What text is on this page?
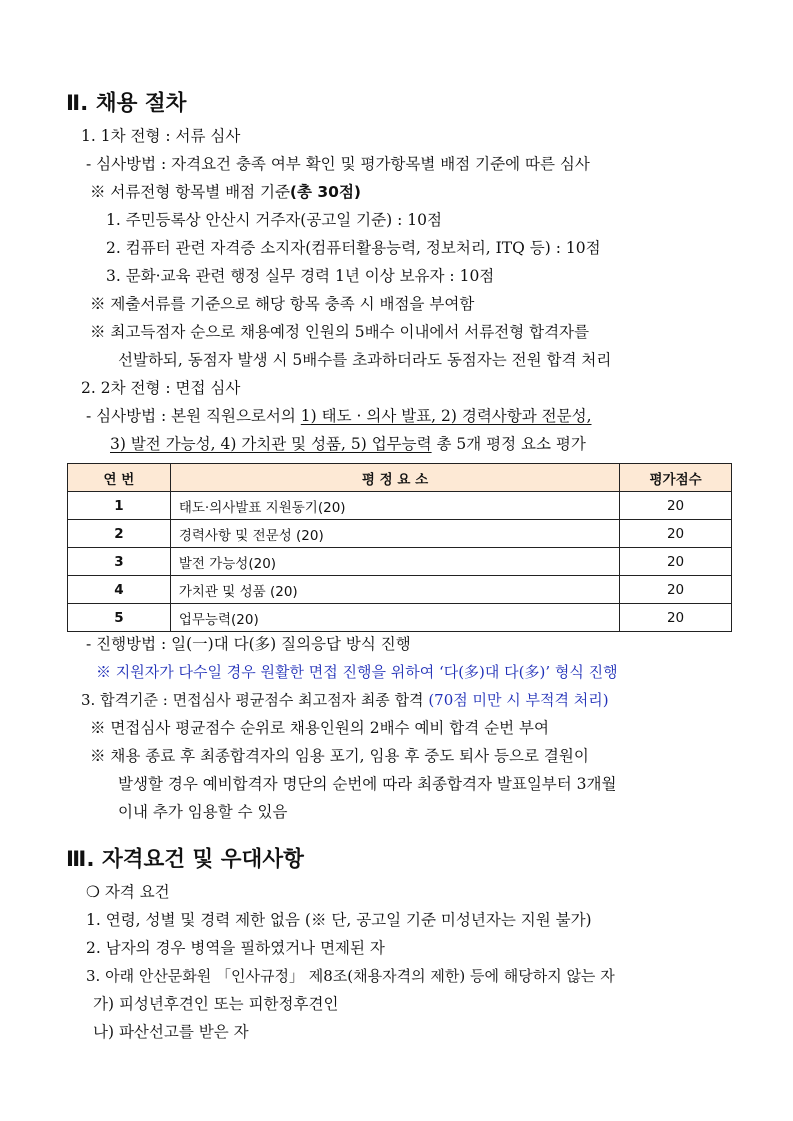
Ⅱ. 채용 절차
1. 1차 전형 : 서류 심사
- 심사방법 : 자격요건 충족 여부 확인 및 평가항목별 배점 기준에 따른 심사
※ 서류전형 항목별 배점 기준(총 30점)
1. 주민등록상 안산시 거주자(공고일 기준) : 10점
2. 컴퓨터 관련 자격증 소지자(컴퓨터활용능력, 정보처리, ITQ 등) : 10점
3. 문화·교육 관련 행정 실무 경력 1년 이상 보유자 : 10점
※ 제출서류를 기준으로 해당 항목 충족 시 배점을 부여함
※ 최고득점자 순으로 채용예정 인원의 5배수 이내에서 서류전형 합격자를
선발하되, 동점자 발생 시 5배수를 초과하더라도 동점자는 전원 합격 처리
2. 2차 전형 : 면접 심사
- 심사방법 : 본원 직원으로서의 1) 태도 · 의사 발표, 2) 경력사항과 전문성,
3) 발전 가능성, 4) 가치관 및 성품, 5) 업무능력 총 5개 평정 요소 평가
연 번	평 정 요 소	평가점수
1	태도·의사발표 지원동기(20)	20
2	경력사항 및 전문성 (20)	20
3	발전 가능성(20)	20
4	가치관 및 성품 (20)	20
5	업무능력(20)	20
- 진행방법 : 일(一)대 다(多) 질의응답 방식 진행
※ 지원자가 다수일 경우 원활한 면접 진행을 위하여 ‘다(多)대 다(多)’ 형식 진행
3. 합격기준 : 면접심사 평균점수 최고점자 최종 합격 (70점 미만 시 부적격 처리)
※ 면접심사 평균점수 순위로 채용인원의 2배수 예비 합격 순번 부여
※ 채용 종료 후 최종합격자의 임용 포기, 임용 후 중도 퇴사 등으로 결원이
발생할 경우 예비합격자 명단의 순번에 따라 최종합격자 발표일부터 3개월
이내 추가 임용할 수 있음
Ⅲ. 자격요건 및 우대사항
❍ 자격 요건
1. 연령, 성별 및 경력 제한 없음 (※ 단, 공고일 기준 미성년자는 지원 불가)
2. 남자의 경우 병역을 필하였거나 면제된 자
3. 아래 안산문화원 「인사규정」 제8조(채용자격의 제한) 등에 해당하지 않는 자
가) 피성년후견인 또는 피한정후견인
나) 파산선고를 받은 자
